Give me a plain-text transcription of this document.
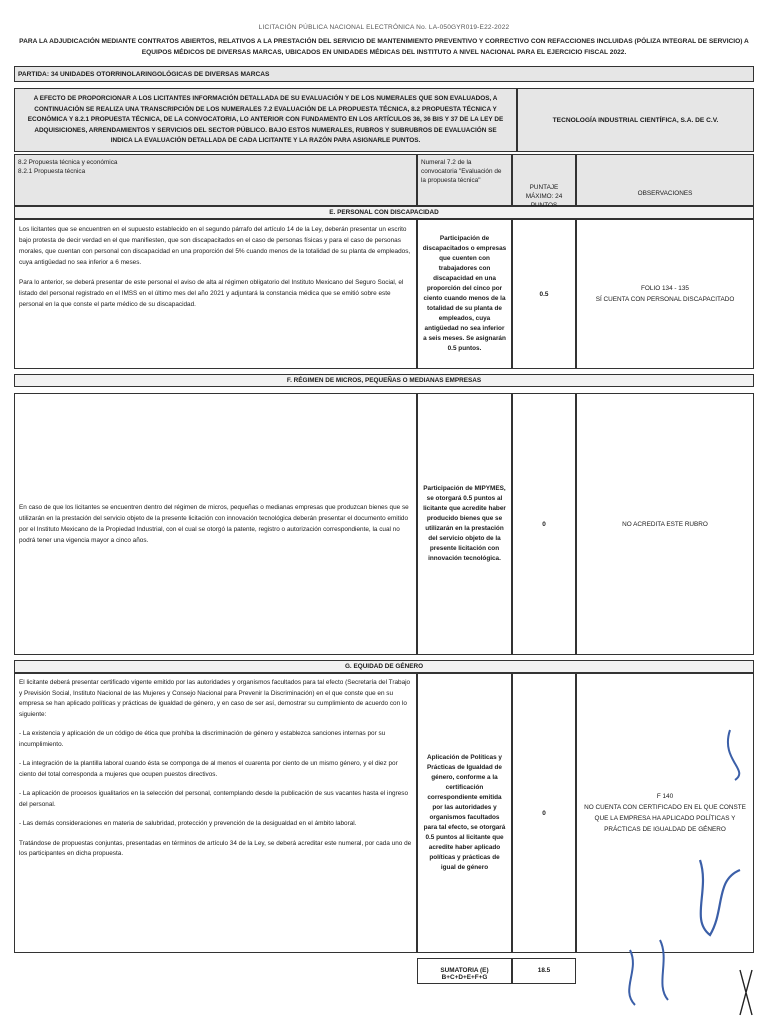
LICITACIÓN PÚBLICA NACIONAL ELECTRÓNICA No. LA-050GYR019-E22-2022
PARA LA ADJUDICACIÓN MEDIANTE CONTRATOS ABIERTOS, RELATIVOS A LA PRESTACIÓN DEL SERVICIO DE MANTENIMIENTO PREVENTIVO Y CORRECTIVO CON REFACCIONES INCLUIDAS (PÓLIZA INTEGRAL DE SERVICIO) A EQUIPOS MÉDICOS DE DIVERSAS MARCAS, UBICADOS EN UNIDADES MÉDICAS DEL INSTITUTO A NIVEL NACIONAL PARA EL EJERCICIO FISCAL 2022.
PARTIDA: 34 UNIDADES OTORRINOLARINGOLÓGICAS DE DIVERSAS MARCAS
A EFECTO DE PROPORCIONAR A LOS LICITANTES INFORMACIÓN DETALLADA DE SU EVALUACIÓN Y DE LOS NUMERALES QUE SON EVALUADOS, A CONTINUACIÓN SE REALIZA UNA TRANSCRIPCIÓN DE LOS NUMERALES 7.2 EVALUACIÓN DE LA PROPUESTA TÉCNICA, 8.2 PROPUESTA TÉCNICA Y ECONÓMICA Y 8.2.1 PROPUESTA TÉCNICA, DE LA CONVOCATORIA, LO ANTERIOR CON FUNDAMENTO EN LOS ARTÍCULOS 36, 36 BIS Y 37 DE LA LEY DE ADQUISICIONES, ARRENDAMIENTOS Y SERVICIOS DEL SECTOR PÚBLICO. BAJO ESTOS NUMERALES, RUBROS Y SUBRUBROS DE EVALUACIÓN SE INDICA LA EVALUACIÓN DETALLADA DE CADA LICITANTE Y LA RAZÓN PARA ASIGNARLE PUNTOS.
TECNOLOGÍA INDUSTRIAL CIENTÍFICA, S.A. DE C.V.
8.2 Propuesta técnica y económica
8.2.1 Propuesta técnica
Numeral 7.2 de la convocatoria "Evaluación de la propuesta técnica"
PUNTAJE MÁXIMO: 24	OBSERVACIONES
E. PERSONAL CON DISCAPACIDAD

Los licitantes que se encuentren en el supuesto establecido en el segundo párrafo del artículo 14 de la Ley, deberán presentar un escrito bajo protesta de decir verdad en el que manifiesten, que son discapacitados en el caso de personas físicas y para el caso de personas morales, que cuentan con personal con discapacidad en una proporción del 5% cuando menos de la totalidad de su planta de empleados, cuya antigüedad no sea inferior a 6 meses.

Para lo anterior, se deberá presentar de este personal el aviso de alta al régimen obligatorio del Instituto Mexicano del Seguro Social, el listado del personal registrado en el IMSS en el último mes del año 2021 y adjuntará la constancia médica que se emitió sobre este personal en la que conste el parte médico de su discapacidad.

Participación de discapacitados o empresas que cuenten con trabajadores con discapacidad en una proporción del cinco por ciento cuando menos de la totalidad de su planta de empleados, cuya antigüedad no sea inferior a seis meses. Se asignarán 0.5 puntos.
0.5
FOLIO 134 - 135
SÍ CUENTA CON PERSONAL DISCAPACITADO
F. RÉGIMEN DE MICROS, PEQUEÑAS O MEDIANAS EMPRESAS
En caso de que los licitantes se encuentren dentro del régimen de micros, pequeñas o medianas empresas que produzcan bienes que se utilizarán en la prestación del servicio objeto de la presente licitación con innovación tecnológica deberán presentar el documento emitido por el Instituto Mexicano de la Propiedad Industrial, con el cual se otorgó la patente, registro o autorización correspondiente, la cual no podrá tener una vigencia mayor a cinco años.
Participación de MIPYMES, se otorgará 0.5 puntos al licitante que acredite haber producido bienes que se utilizarán en la prestación del servicio objeto de la presente licitación con innovación tecnológica.
0	NO ACREDITA ESTE RUBRO
G. EQUIDAD DE GÉNERO

El licitante deberá presentar certificado vigente emitido por las autoridades y organismos facultados para tal efecto (Secretaría del Trabajo y Previsión Social, Instituto Nacional de las Mujeres y Consejo Nacional para Prevenir la Discriminación) en el que conste que en su empresa se han aplicado políticas y prácticas de igualdad de género, y en caso de ser así, demostrar su cumplimiento de acuerdo con lo siguiente:

- La existencia y aplicación de un código de ética que prohíba la discriminación de género y establezca sanciones internas por su incumplimiento.

- La integración de la plantilla laboral cuando ésta se componga de al menos el cuarenta por ciento de un mismo género, y el diez por ciento del total corresponda a mujeres que ocupen puestos directivos.

- La aplicación de procesos igualitarios en la selección del personal, contemplando desde la publicación de sus vacantes hasta el ingreso del personal.

- Las demás consideraciones en materia de salubridad, protección y prevención de la desigualdad en el ámbito laboral.

Tratándose de propuestas conjuntas, presentadas en términos de artículo 34 de la Ley, se deberá acreditar este numeral, por cada uno de los participantes en dicha propuesta.

Aplicación de Políticas y Prácticas de Igualdad de género, conforme a la certificación correspondiente emitida por las autoridades y organismos facultados para tal efecto, se otorgará 0.5 puntos al licitante que acredite haber aplicado políticas y prácticas de igual de género
0
F 140
NO CUENTA CON CERTIFICADO EN EL QUE CONSTE QUE LA EMPRESA HA APLICADO POLÍTICAS Y PRÁCTICAS DE IGUALDAD DE GÉNERO
SUMATORIA (E) B+C+D+E+F+G
18.5
